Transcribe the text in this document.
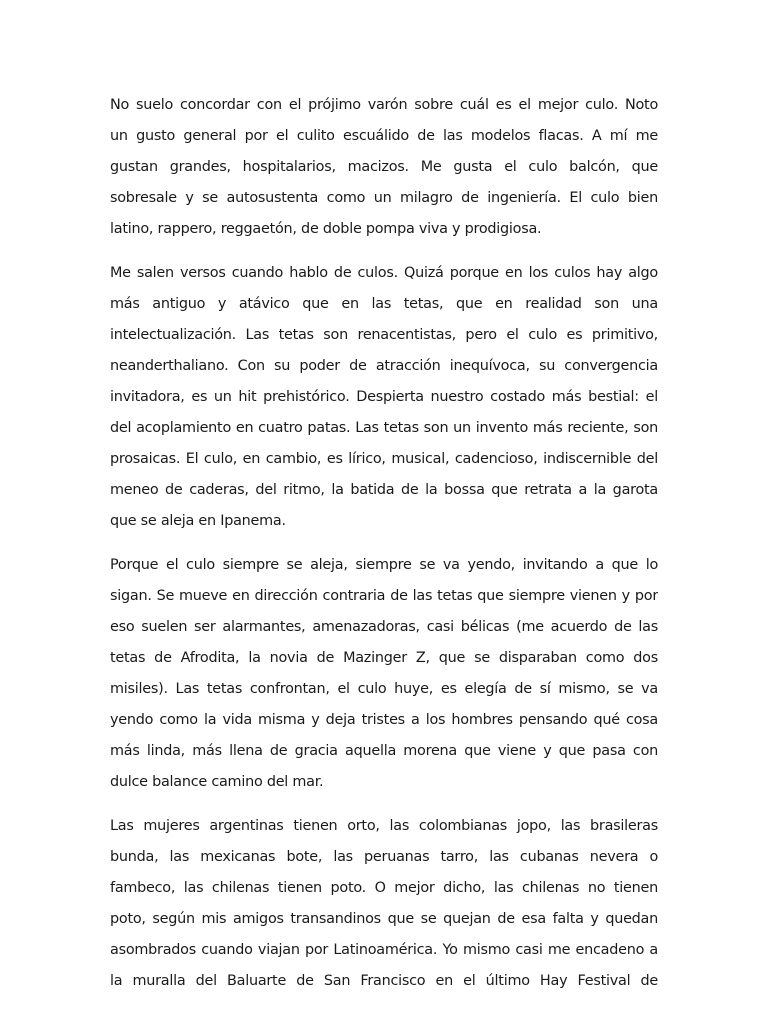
No suelo concordar con el prójimo varón sobre cuál es el mejor culo. Noto
un gusto general por el culito escuálido de las modelos flacas. A mí me
gustan grandes, hospitalarios, macizos. Me gusta el culo balcón, que
sobresale y se autosustenta como un milagro de ingeniería. El culo bien
latino, rappero, reggaetón, de doble pompa viva y prodigiosa.

Me salen versos cuando hablo de culos. Quizá porque en los culos hay algo
más antiguo y atávico que en las tetas, que en realidad son una
intelectualización. Las tetas son renacentistas, pero el culo es primitivo,
neanderthaliano. Con su poder de atracción inequívoca, su convergencia
invitadora, es un hit prehistórico. Despierta nuestro costado más bestial: el
del acoplamiento en cuatro patas. Las tetas son un invento más reciente, son
prosaicas. El culo, en cambio, es lírico, musical, cadencioso, indiscernible del
meneo de caderas, del ritmo, la batida de la bossa que retrata a la garota
que se aleja en Ipanema.

Porque el culo siempre se aleja, siempre se va yendo, invitando a que lo
sigan. Se mueve en dirección contraria de las tetas que siempre vienen y por
eso suelen ser alarmantes, amenazadoras, casi bélicas (me acuerdo de las
tetas de Afrodita, la novia de Mazinger Z, que se disparaban como dos
misiles). Las tetas confrontan, el culo huye, es elegía de sí mismo, se va
yendo como la vida misma y deja tristes a los hombres pensando qué cosa
más linda, más llena de gracia aquella morena que viene y que pasa con
dulce balance camino del mar.

Las mujeres argentinas tienen orto, las colombianas jopo, las brasileras
bunda, las mexicanas bote, las peruanas tarro, las cubanas nevera o
fambeco, las chilenas tienen poto. O mejor dicho, las chilenas no tienen
poto, según mis amigos transandinos que se quejan de esa falta y quedan
asombrados cuando viajan por Latinoamérica. Yo mismo casi me encadeno a
la muralla del Baluarte de San Francisco en el último Hay Festival de
